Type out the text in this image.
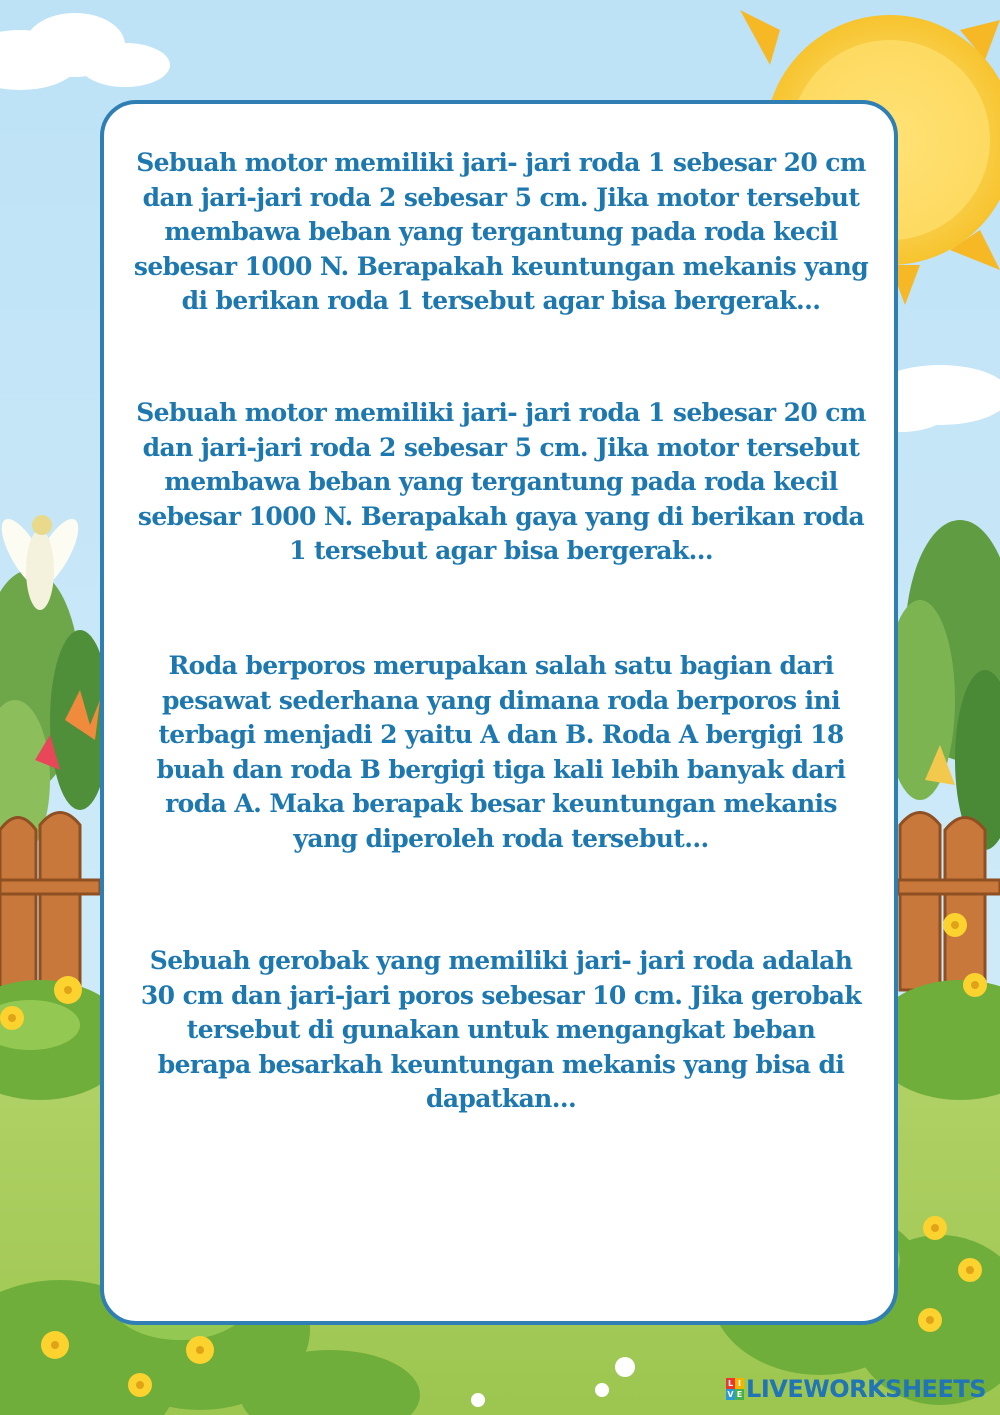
Sebuah motor memiliki jari- jari roda 1 sebesar 20 cm
dan jari-jari roda 2 sebesar 5 cm. Jika motor tersebut
membawa beban yang tergantung pada roda kecil
sebesar 1000 N. Berapakah keuntungan mekanis yang
di berikan roda 1 tersebut agar bisa bergerak...

Sebuah motor memiliki jari- jari roda 1 sebesar 20 cm
dan jari-jari roda 2 sebesar 5 cm. Jika motor tersebut
membawa beban yang tergantung pada roda kecil
sebesar 1000 N. Berapakah gaya yang di berikan roda
1 tersebut agar bisa bergerak...

Roda berporos merupakan salah satu bagian dari
pesawat sederhana yang dimana roda berporos ini
terbagi menjadi 2 yaitu A dan B. Roda A bergigi 18
buah dan roda B bergigi tiga kali lebih banyak dari
roda A. Maka berapak besar keuntungan mekanis
yang diperoleh roda tersebut...

Sebuah gerobak yang memiliki jari- jari roda adalah
30 cm dan jari-jari poros sebesar 10 cm. Jika gerobak
tersebut di gunakan untuk mengangkat beban
berapa besarkah keuntungan mekanis yang bisa di
dapatkan...

L I
V E LIVEWORKSHEETS
